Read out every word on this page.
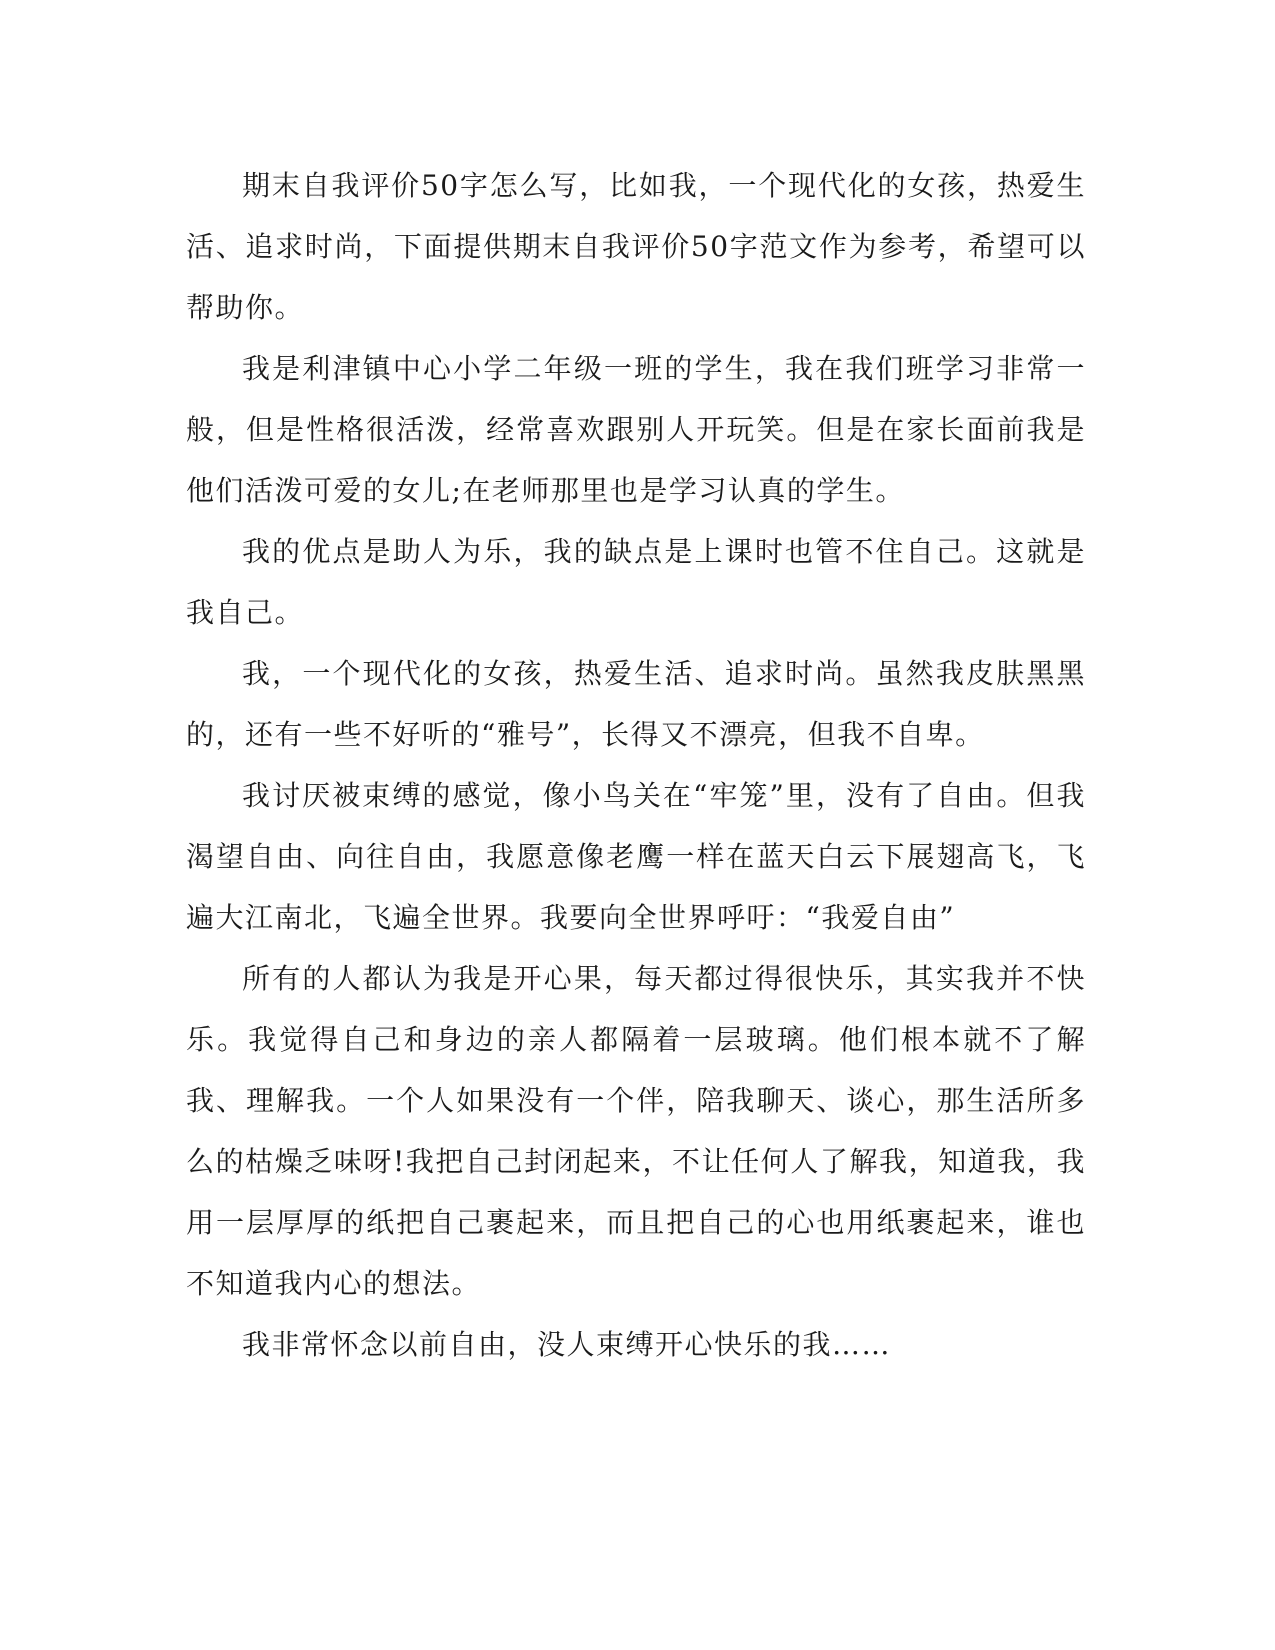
期末自我评价50字怎么写，比如我，一个现代化的女孩，热爱生活、追求时尚，下面提供期末自我评价50字范文作为参考，希望可以帮助你。

我是利津镇中心小学二年级一班的学生，我在我们班学习非常一般，但是性格很活泼，经常喜欢跟别人开玩笑。但是在家长面前我是他们活泼可爱的女儿;在老师那里也是学习认真的学生。

我的优点是助人为乐，我的缺点是上课时也管不住自己。这就是我自己。

我，一个现代化的女孩，热爱生活、追求时尚。虽然我皮肤黑黑的，还有一些不好听的“雅号”，长得又不漂亮，但我不自卑。

我讨厌被束缚的感觉，像小鸟关在“牢笼”里，没有了自由。但我渴望自由、向往自由，我愿意像老鹰一样在蓝天白云下展翅高飞，飞遍大江南北，飞遍全世界。我要向全世界呼吁：“我爱自由”

所有的人都认为我是开心果，每天都过得很快乐，其实我并不快乐。我觉得自己和身边的亲人都隔着一层玻璃。他们根本就不了解我、理解我。一个人如果没有一个伴，陪我聊天、谈心，那生活所多么的枯燥乏味呀!我把自己封闭起来，不让任何人了解我，知道我，我用一层厚厚的纸把自己裹起来，而且把自己的心也用纸裹起来，谁也不知道我内心的想法。

我非常怀念以前自由，没人束缚开心快乐的我……
